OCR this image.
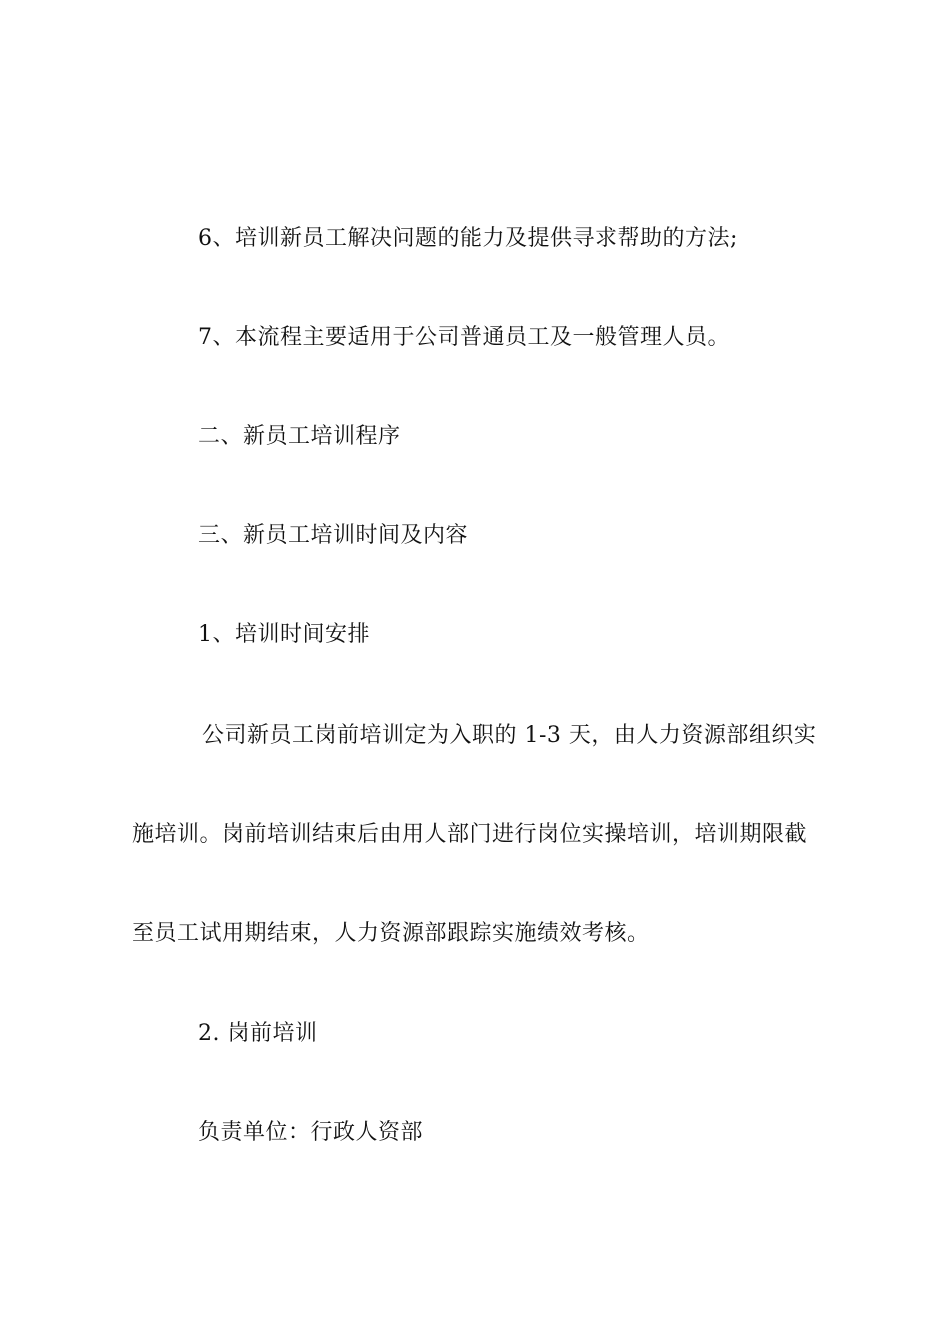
6、培训新员工解决问题的能力及提供寻求帮助的方法;
7、本流程主要适用于公司普通员工及一般管理人员。
二、新员工培训程序
三、新员工培训时间及内容
1、培训时间安排
公司新员工岗前培训定为入职的 1-3 天，由人力资源部组织实
施培训。岗前培训结束后由用人部门进行岗位实操培训，培训期限截
至员工试用期结束，人力资源部跟踪实施绩效考核。
2. 岗前培训
负责单位：行政人资部
